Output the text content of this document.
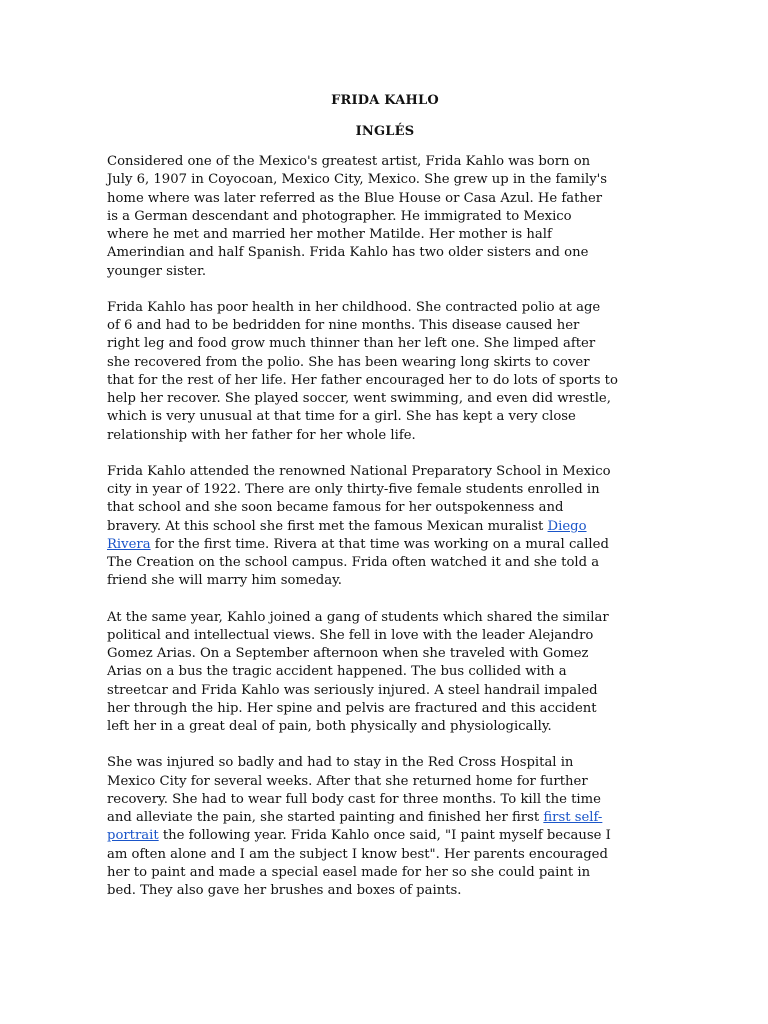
FRIDA KAHLO
INGLÉS

Considered one of the Mexico's greatest artist, Frida Kahlo was born on
July 6, 1907 in Coyocoan, Mexico City, Mexico. She grew up in the family's
home where was later referred as the Blue House or Casa Azul. He father
is a German descendant and photographer. He immigrated to Mexico
where he met and married her mother Matilde. Her mother is half
Amerindian and half Spanish. Frida Kahlo has two older sisters and one
younger sister.

Frida Kahlo has poor health in her childhood. She contracted polio at age
of 6 and had to be bedridden for nine months. This disease caused her
right leg and food grow much thinner than her left one. She limped after
she recovered from the polio. She has been wearing long skirts to cover
that for the rest of her life. Her father encouraged her to do lots of sports to
help her recover. She played soccer, went swimming, and even did wrestle,
which is very unusual at that time for a girl. She has kept a very close
relationship with her father for her whole life.

Frida Kahlo attended the renowned National Preparatory School in Mexico
city in year of 1922. There are only thirty-five female students enrolled in
that school and she soon became famous for her outspokenness and
bravery. At this school she first met the famous Mexican muralist Diego
Rivera for the first time. Rivera at that time was working on a mural called
The Creation on the school campus. Frida often watched it and she told a
friend she will marry him someday.

At the same year, Kahlo joined a gang of students which shared the similar
political and intellectual views. She fell in love with the leader Alejandro
Gomez Arias. On a September afternoon when she traveled with Gomez
Arias on a bus the tragic accident happened. The bus collided with a
streetcar and Frida Kahlo was seriously injured. A steel handrail impaled
her through the hip. Her spine and pelvis are fractured and this accident
left her in a great deal of pain, both physically and physiologically.

She was injured so badly and had to stay in the Red Cross Hospital in
Mexico City for several weeks. After that she returned home for further
recovery. She had to wear full body cast for three months. To kill the time
and alleviate the pain, she started painting and finished her first first self-
portrait the following year. Frida Kahlo once said, "I paint myself because I
am often alone and I am the subject I know best". Her parents encouraged
her to paint and made a special easel made for her so she could paint in
bed. They also gave her brushes and boxes of paints.
